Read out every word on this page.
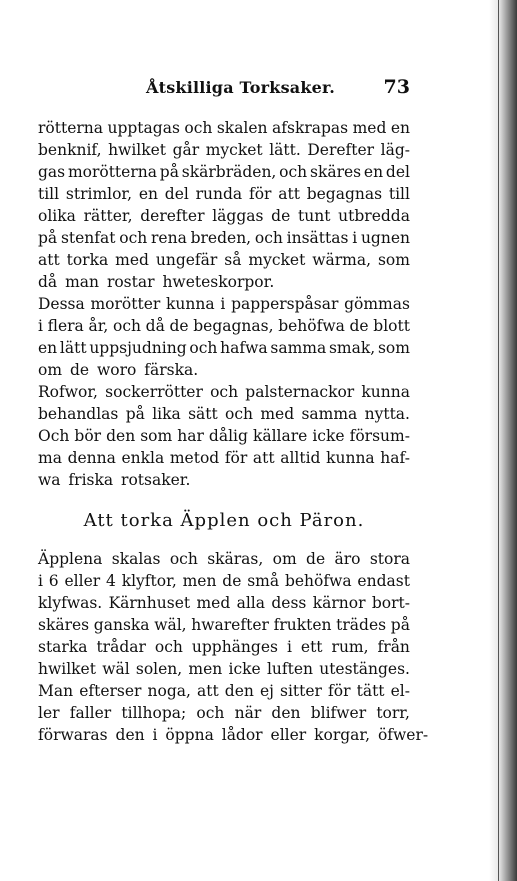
Åtskilliga Torksaker.	73
rötterna upptagas och skalen afskrapas med en
benknif, hwilket går mycket lätt. Derefter läg-
gas morötterna på skärbräden, och skäres en del
till strimlor, en del runda för att begagnas till
olika rätter, derefter läggas de tunt utbredda
på stenfat och rena breden, och insättas i ugnen
att torka med ungefär så mycket wärma, som
då man rostar hweteskorpor.
Dessa morötter kunna i papperspåsar gömmas
i flera år, och då de begagnas, behöfwa de blott
en lätt uppsjudning och hafwa samma smak, som
om de woro färska.
Rofwor, sockerrötter och palsternackor kunna
behandlas på lika sätt och med samma nytta.
Och bör den som har dålig källare icke försum-
ma denna enkla metod för att alltid kunna haf-
wa friska rotsaker.
Att torka Äpplen och Päron.
Äpplena skalas och skäras, om de äro stora
i 6 eller 4 klyftor, men de små behöfwa endast
klyfwas. Kärnhuset med alla dess kärnor bort-
skäres ganska wäl, hwarefter frukten trädes på
starka trådar och upphänges i ett rum, från
hwilket wäl solen, men icke luften utestänges.
Man efterser noga, att den ej sitter för tätt el-
ler faller tillhopa; och när den blifwer torr,
förwaras den i öppna lådor eller korgar, öfwer-
